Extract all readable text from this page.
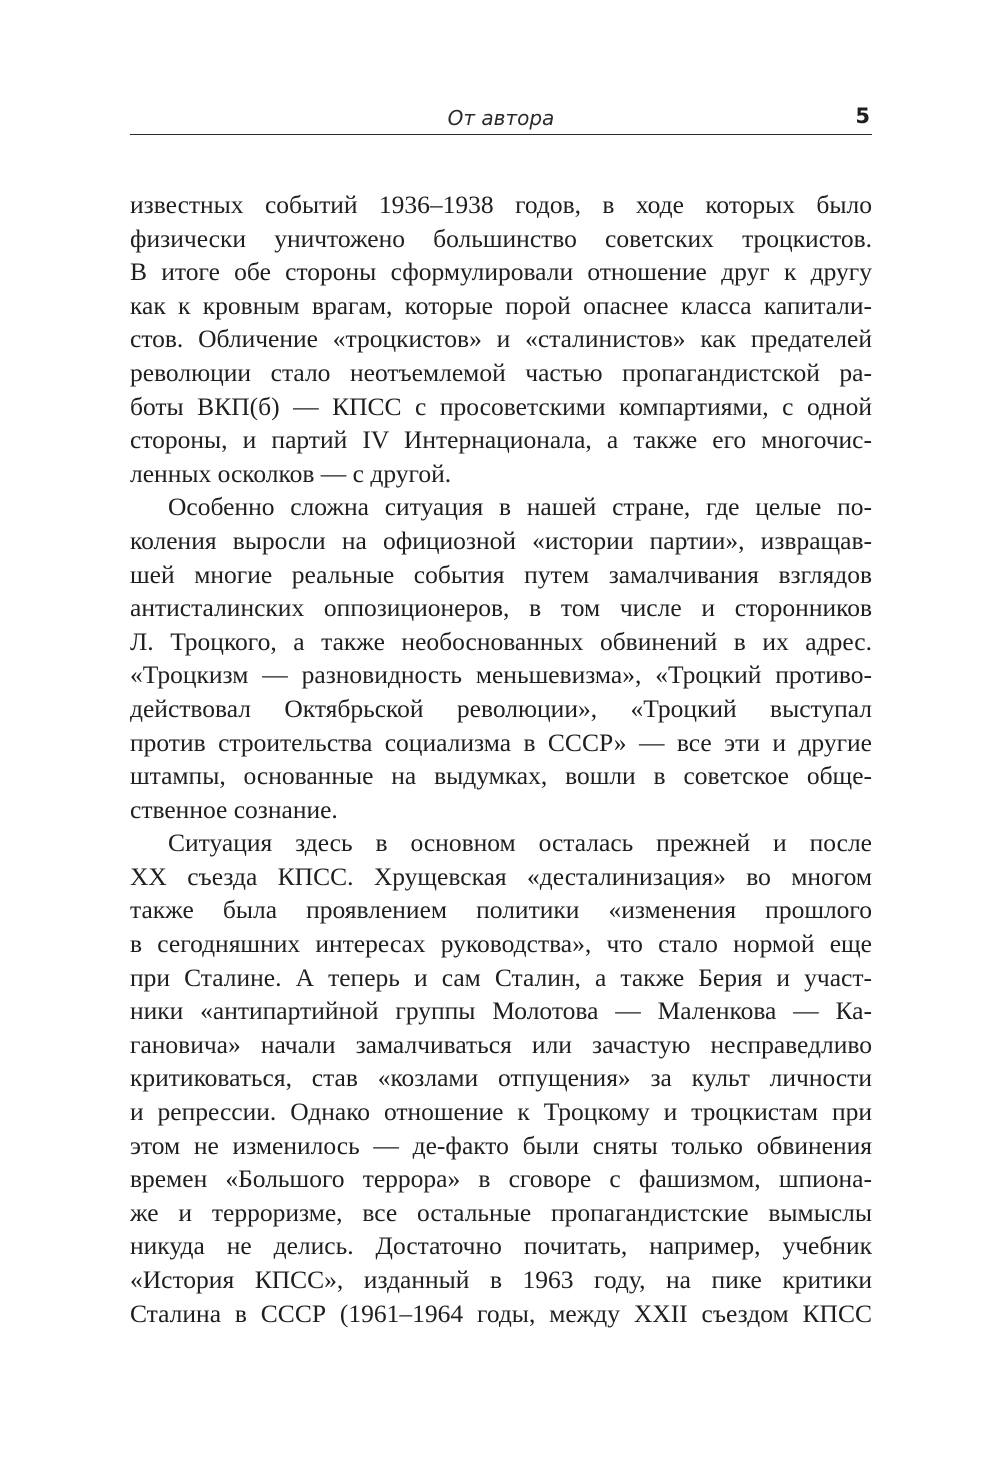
От автора	5
известных событий 1936–1938 годов, в ходе которых было
физически уничтожено большинство советских троцкистов.
В итоге обе стороны сформулировали отношение друг к другу
как к кровным врагам, которые порой опаснее класса капитали-
стов. Обличение «троцкистов» и «сталинистов» как предателей
революции стало неотъемлемой частью пропагандистской ра-
боты ВКП(б) — КПСС с просоветскими компартиями, с одной
стороны, и партий IV Интернационала, а также его многочис-
ленных осколков — с другой.
Особенно сложна ситуация в нашей стране, где целые по-
коления выросли на официозной «истории партии», извращав-
шей многие реальные события путем замалчивания взглядов
антисталинских оппозиционеров, в том числе и сторонников
Л. Троцкого, а также необоснованных обвинений в их адрес.
«Троцкизм — разновидность меньшевизма», «Троцкий противо-
действовал Октябрьской революции», «Троцкий выступал
против строительства социализма в СССР» — все эти и другие
штампы, основанные на выдумках, вошли в советское обще-
ственное сознание.
Ситуация здесь в основном осталась прежней и после
XX съезда КПСС. Хрущевская «десталинизация» во многом
также была проявлением политики «изменения прошлого
в сегодняшних интересах руководства», что стало нормой еще
при Сталине. А теперь и сам Сталин, а также Берия и участ-
ники «антипартийной группы Молотова — Маленкова — Ка-
гановича» начали замалчиваться или зачастую несправедливо
критиковаться, став «козлами отпущения» за культ личности
и репрессии. Однако отношение к Троцкому и троцкистам при
этом не изменилось — де-факто были сняты только обвинения
времен «Большого террора» в сговоре с фашизмом, шпиона-
же и терроризме, все остальные пропагандистские вымыслы
никуда не делись. Достаточно почитать, например, учебник
«История КПСС», изданный в 1963 году, на пике критики
Сталина в СССР (1961–1964 годы, между XXII съездом КПСС
